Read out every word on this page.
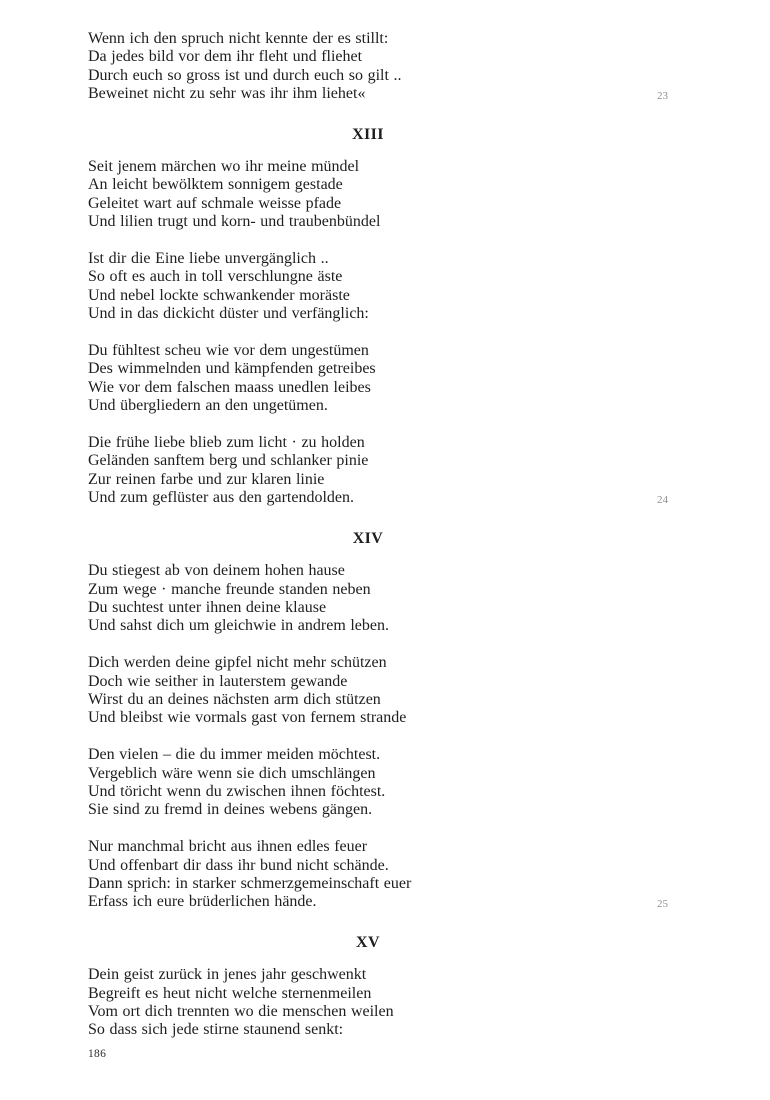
Wenn ich den spruch nicht kennte der es stillt:
Da jedes bild vor dem ihr fleht und fliehet
Durch euch so gross ist und durch euch so gilt ..
Beweinet nicht zu sehr was ihr ihm liehet«	23
XIII
Seit jenem märchen wo ihr meine mündel
An leicht bewölktem sonnigem gestade
Geleitet wart auf schmale weisse pfade
Und lilien trugt und korn- und traubenbündel
Ist dir die Eine liebe unvergänglich ..
So oft es auch in toll verschlungne äste
Und nebel lockte schwankender moräste
Und in das dickicht düster und verfänglich:
Du fühltest scheu wie vor dem ungestümen
Des wimmelnden und kämpfenden getreibes
Wie vor dem falschen maass unedlen leibes
Und übergliedern an den ungetümen.
Die frühe liebe blieb zum licht · zu holden
Geländen sanftem berg und schlanker pinie
Zur reinen farbe und zur klaren linie
Und zum geflüster aus den gartendolden.	24
XIV
Du stiegest ab von deinem hohen hause
Zum wege · manche freunde standen neben
Du suchtest unter ihnen deine klause
Und sahst dich um gleichwie in andrem leben.
Dich werden deine gipfel nicht mehr schützen
Doch wie seither in lauterstem gewande
Wirst du an deines nächsten arm dich stützen
Und bleibst wie vormals gast von fernem strande
Den vielen – die du immer meiden möchtest.
Vergeblich wäre wenn sie dich umschlängen
Und töricht wenn du zwischen ihnen föchtest.
Sie sind zu fremd in deines webens gängen.
Nur manchmal bricht aus ihnen edles feuer
Und offenbart dir dass ihr bund nicht schände.
Dann sprich: in starker schmerzgemeinschaft euer
Erfass ich eure brüderlichen hände.	25
XV
Dein geist zurück in jenes jahr geschwenkt
Begreift es heut nicht welche sternenmeilen
Vom ort dich trennten wo die menschen weilen
So dass sich jede stirne staunend senkt:
186
